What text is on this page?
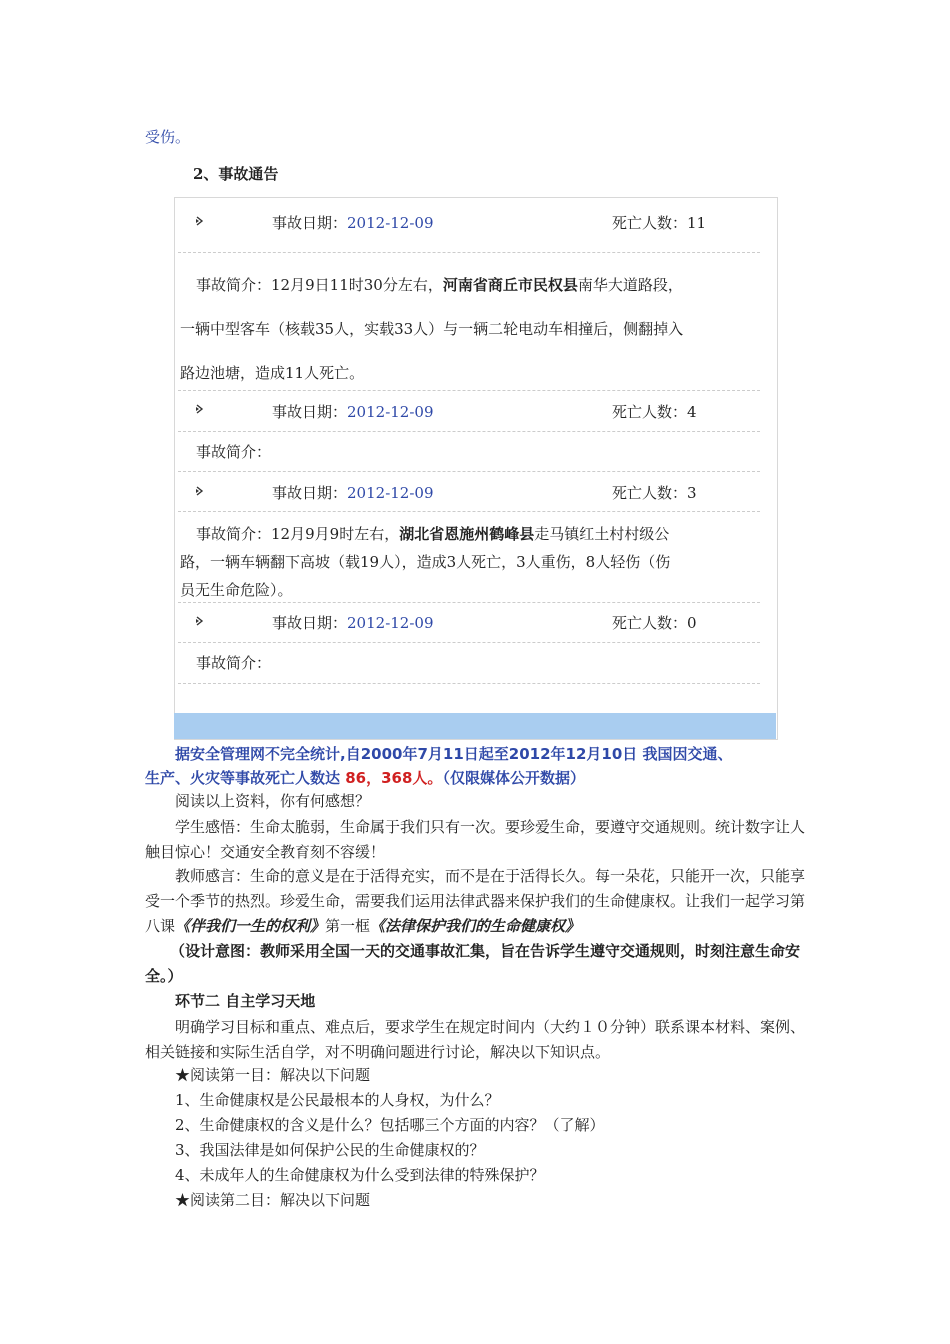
受伤。
2、事故通告
事故日期：2012-12-09	死亡人数：11
事故简介：12月9日11时30分左右，河南省商丘市民权县南华大道路段，
一辆中型客车（核载35人，实载33人）与一辆二轮电动车相撞后，侧翻掉入
路边池塘，造成11人死亡。
事故日期：2012-12-09	死亡人数：4
事故简介：
事故日期：2012-12-09	死亡人数：3
事故简介：12月9月9时左右，湖北省恩施州鹤峰县走马镇红土村村级公
路，一辆车辆翻下高坡（载19人），造成3人死亡，3人重伤，8人轻伤（伤
员无生命危险）。
事故日期：2012-12-09	死亡人数：0
事故简介：
据安全管理网不完全统计,自2000年7月11日起至2012年12月10日 我国因交通、
生产、火灾等事故死亡人数达 86，368人。（仅限媒体公开数据）
阅读以上资料，你有何感想？
学生感悟：生命太脆弱，生命属于我们只有一次。要珍爱生命，要遵守交通规则。统计数字让人触目惊心！交通安全教育刻不容缓！
教师感言：生命的意义是在于活得充实，而不是在于活得长久。每一朵花，只能开一次，只能享受一个季节的热烈。珍爱生命，需要我们运用法律武器来保护我们的生命健康权。让我们一起学习第八课《伴我们一生的权利》第一框《法律保护我们的生命健康权》
（设计意图：教师采用全国一天的交通事故汇集，旨在告诉学生遵守交通规则，时刻注意生命安全。）
环节二 自主学习天地
明确学习目标和重点、难点后，要求学生在规定时间内（大约１０分钟）联系课本材料、案例、相关链接和实际生活自学，对不明确问题进行讨论，解决以下知识点。
★阅读第一目：解决以下问题
1、生命健康权是公民最根本的人身权，为什么？
2、生命健康权的含义是什么？包括哪三个方面的内容？（了解）
3、我国法律是如何保护公民的生命健康权的？
4、未成年人的生命健康权为什么受到法律的特殊保护？
★阅读第二目：解决以下问题
